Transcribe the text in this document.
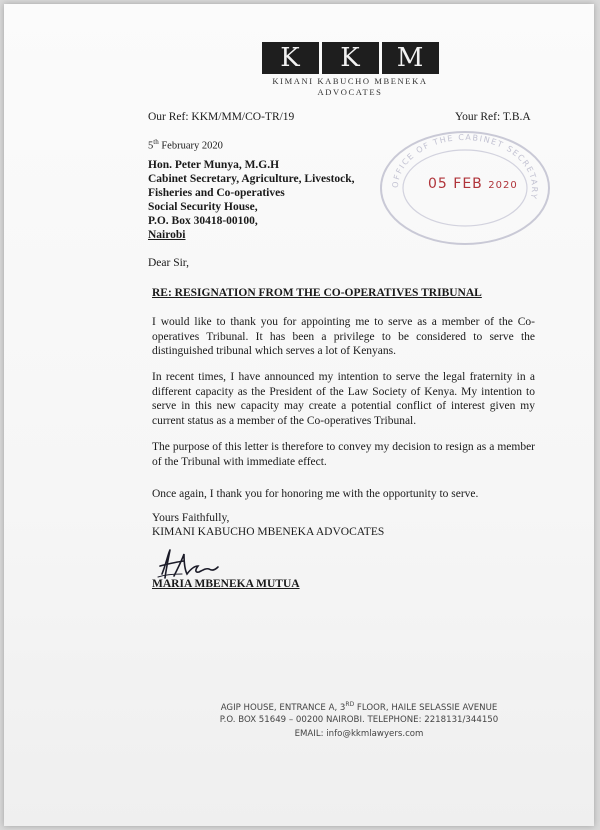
K	K	M
KIMANI KABUCHO MBENEKA
ADVOCATES
Our Ref: KKM/MM/CO-TR/19	Your Ref: T.B.A
5th February 2020
OFFICE OF THE CABINET SECRETARY
05 FEB 2020
Hon. Peter Munya, M.G.H
Cabinet Secretary, Agriculture, Livestock,
Fisheries and Co-operatives
Social Security House,
P.O. Box 30418-00100,
Nairobi
Dear Sir,
RE: RESIGNATION FROM THE CO-OPERATIVES TRIBUNAL
I would like to thank you for appointing me to serve as a member of the Co-operatives Tribunal. It has been a privilege to be considered to serve the distinguished tribunal which serves a lot of Kenyans.
In recent times, I have announced my intention to serve the legal fraternity in a different capacity as the President of the Law Society of Kenya. My intention to serve in this new capacity may create a potential conflict of interest given my current status as a member of the Co-operatives Tribunal.
The purpose of this letter is therefore to convey my decision to resign as a member of the Tribunal with immediate effect.
Once again, I thank you for honoring me with the opportunity to serve.
Yours Faithfully,
KIMANI KABUCHO MBENEKA ADVOCATES
MARIA MBENEKA MUTUA
AGIP HOUSE, ENTRANCE A, 3RD FLOOR, HAILE SELASSIE AVENUE
P.O. BOX 51649 – 00200 NAIROBI. TELEPHONE: 2218131/344150
EMAIL: info@kkmlawyers.com
